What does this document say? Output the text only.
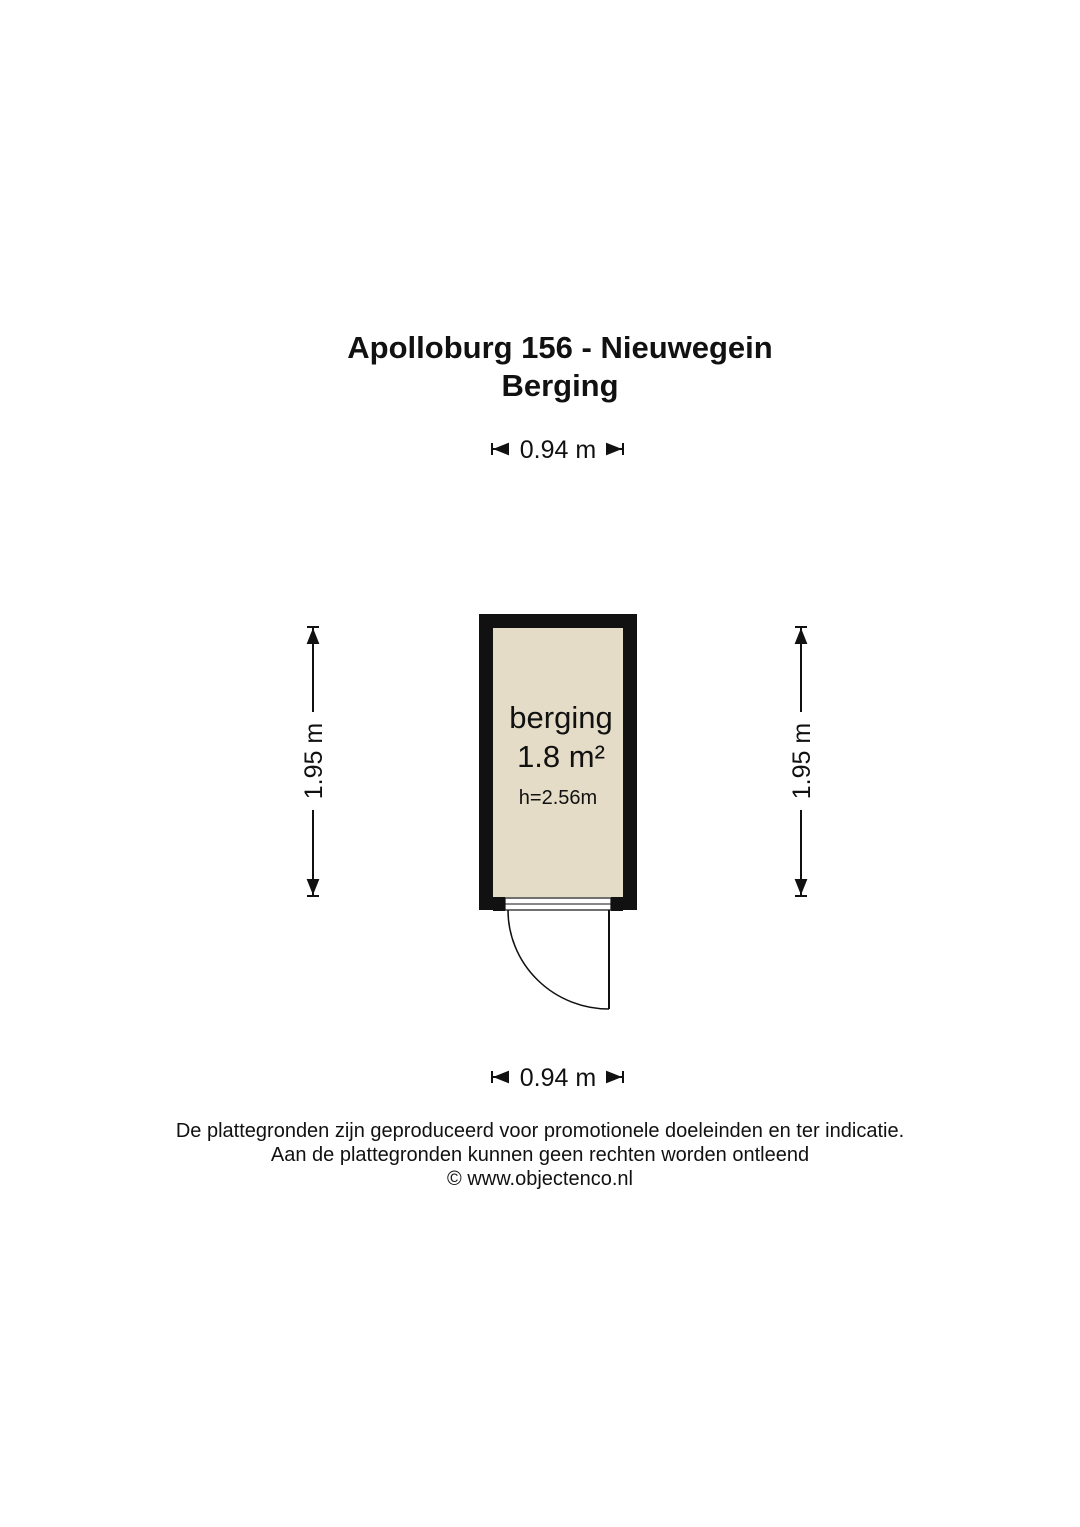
Apolloburg 156 - Nieuwegein
Berging
0.94 m
1.95 m	1.95 m
berging
1.8 m²
h=2.56m
0.94 m
De plattegronden zijn geproduceerd voor promotionele doeleinden en ter indicatie.
Aan de plattegronden kunnen geen rechten worden ontleend
© www.objectenco.nl
